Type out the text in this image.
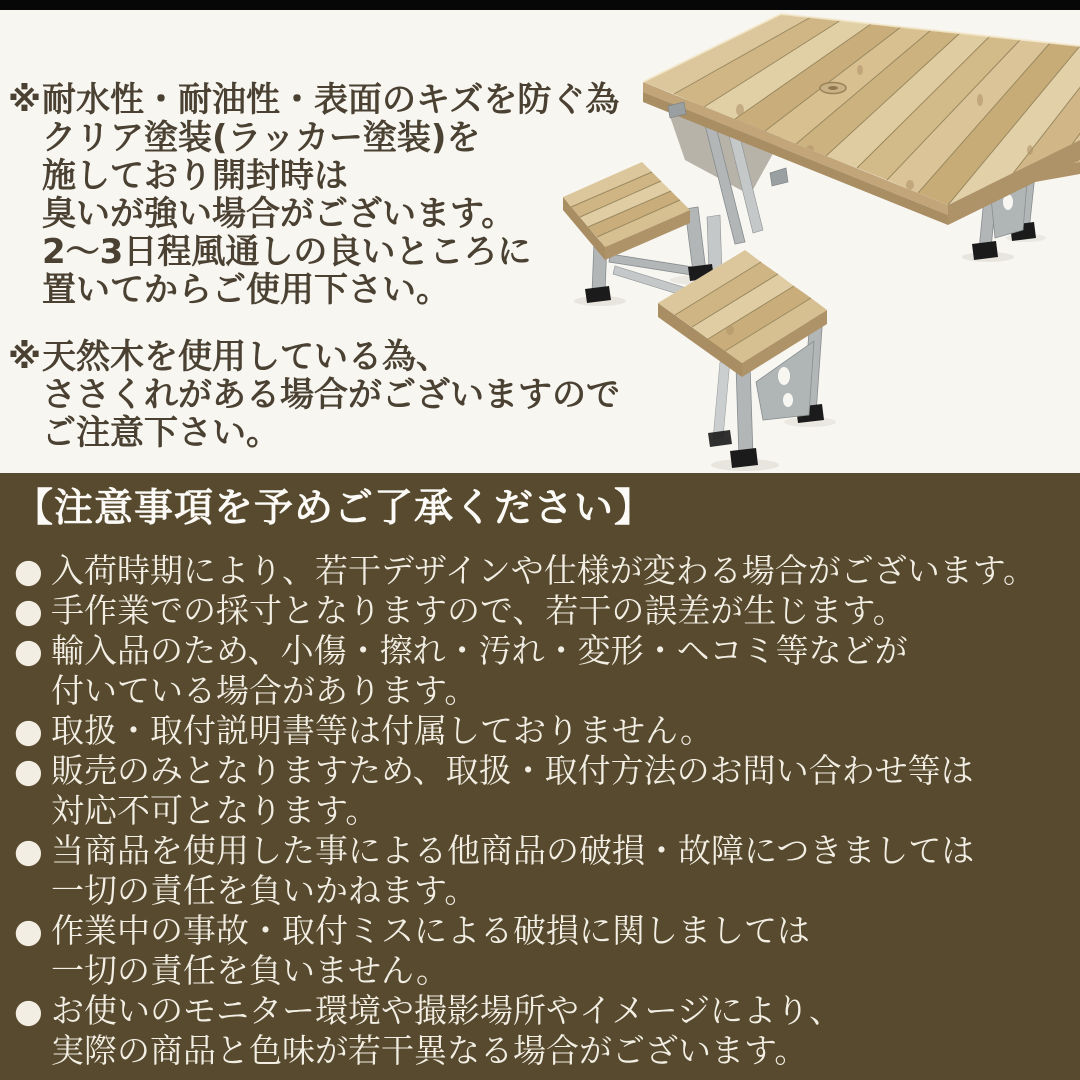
※ 耐水性・耐油性・表面のキズを防ぐ為
クリア塗装(ラッカー塗装)を
施しており開封時は
臭いが強い場合がございます。
2〜3日程風通しの良いところに
置いてからご使用下さい。
※ 天然木を使用している為、
ささくれがある場合がございますので
ご注意下さい。
【注意事項を予めご了承ください】
● 入荷時期により、若干デザインや仕様が変わる場合がございます。
● 手作業での採寸となりますので、若干の誤差が生じます。
● 輸入品のため、小傷・擦れ・汚れ・変形・ヘコミ等などが
付いている場合があります。
● 取扱・取付説明書等は付属しておりません。
● 販売のみとなりますため、取扱・取付方法のお問い合わせ等は
対応不可となります。
● 当商品を使用した事による他商品の破損・故障につきましては
一切の責任を負いかねます。
● 作業中の事故・取付ミスによる破損に関しましては
一切の責任を負いません。
● お使いのモニター環境や撮影場所やイメージにより、
実際の商品と色味が若干異なる場合がございます。
